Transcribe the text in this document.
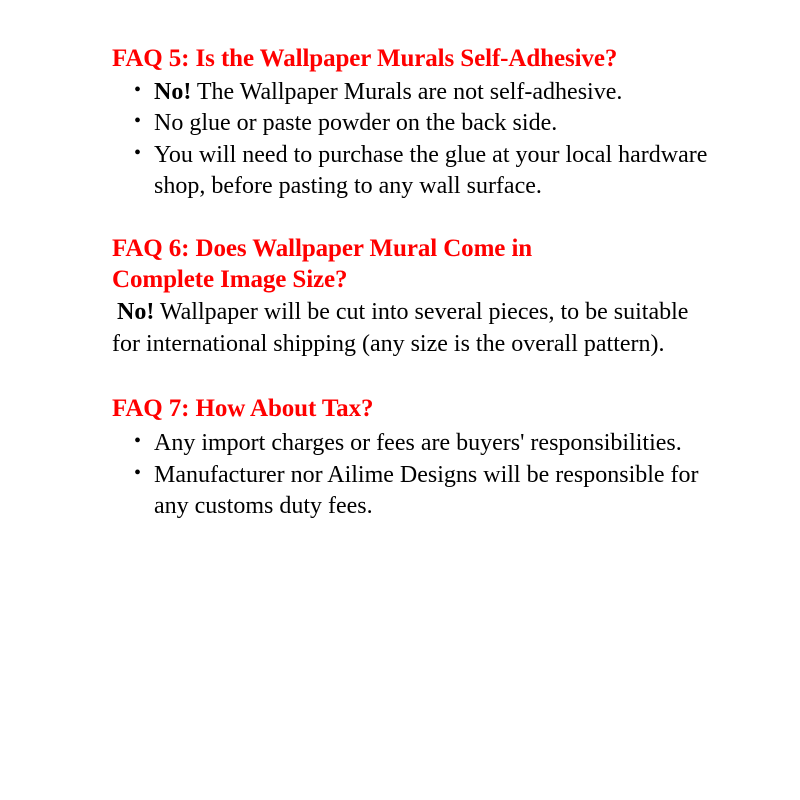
FAQ 5: Is the Wallpaper Murals Self-Adhesive?
• No! The Wallpaper Murals are not self-adhesive.
• No glue or paste powder on the back side.
• You will need to purchase the glue at your local hardware shop, before pasting to any wall surface.
FAQ 6: Does Wallpaper Mural Come in
Complete Image Size?

No! Wallpaper will be cut into several pieces, to be suitable for international shipping (any size is the overall pattern).

FAQ 7: How About Tax?
• Any import charges or fees are buyers' responsibilities.
• Manufacturer nor Ailime Designs will be responsible for any customs duty fees.
